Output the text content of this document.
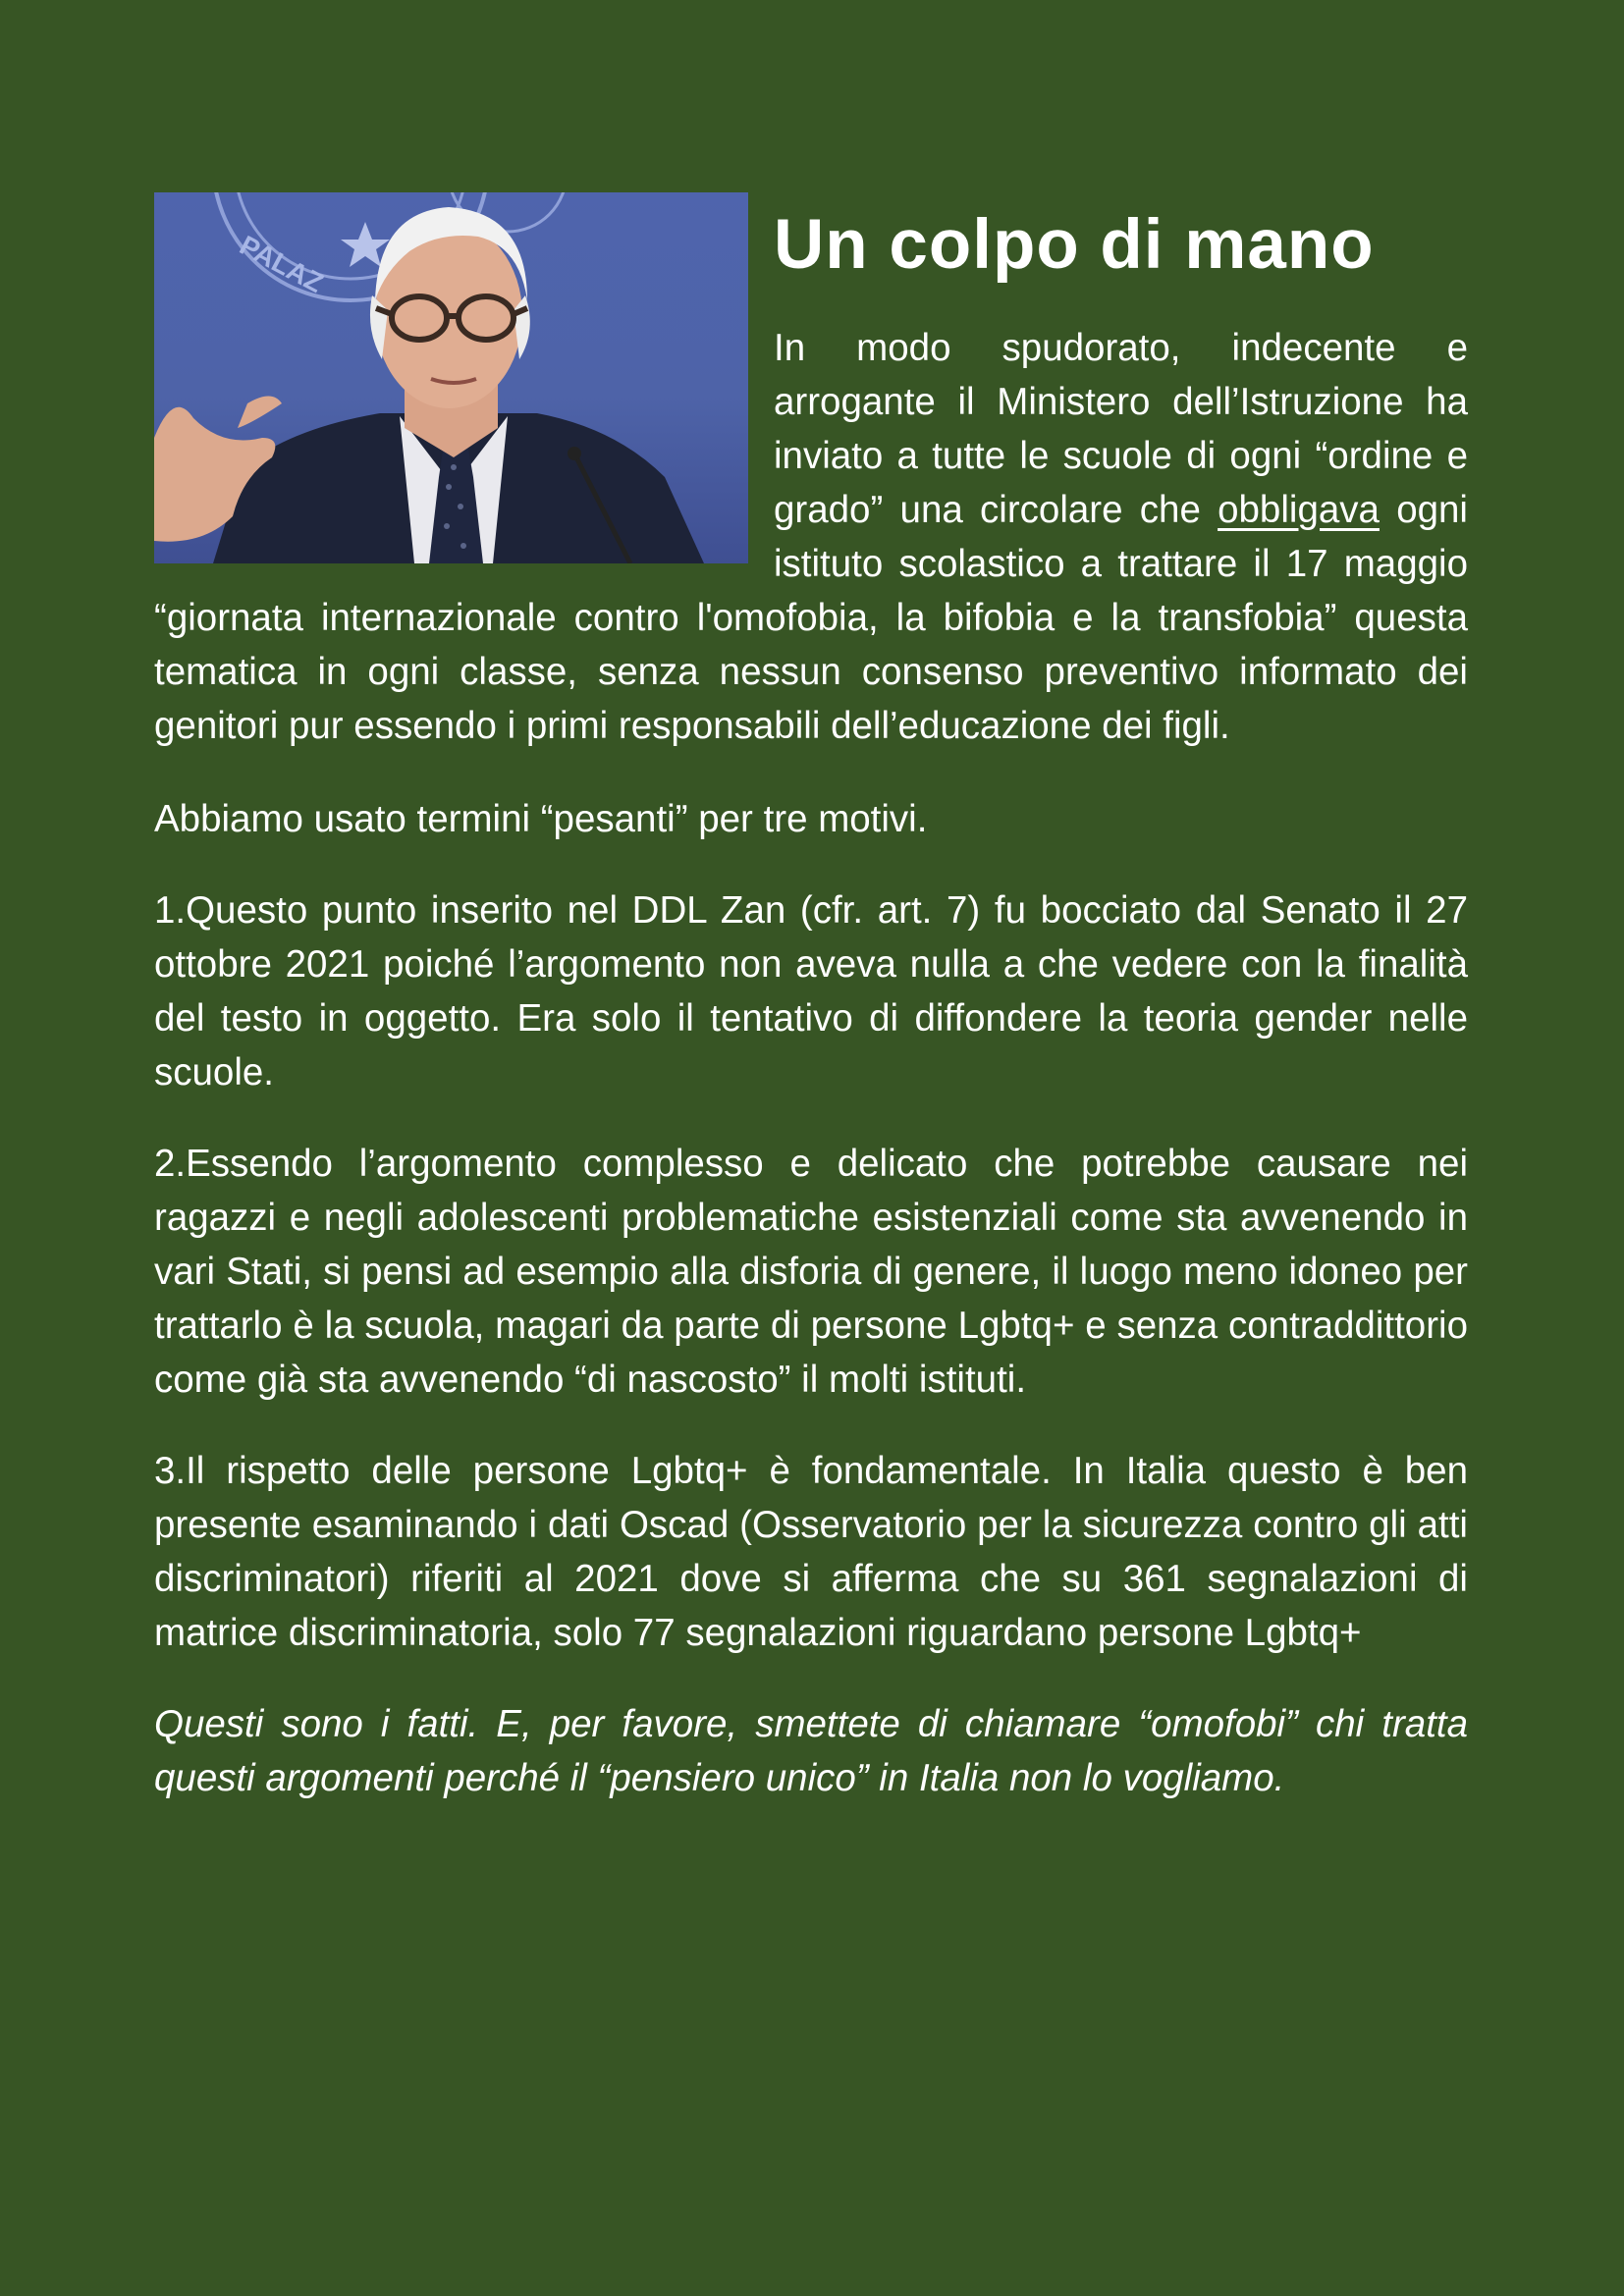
PALAZ	Un colpo di mano

In modo spudorato, indecente e arrogante il Ministero dell’Istruzione ha inviato a tutte le scuole di ogni “ordine e grado” una circolare che obbligava ogni istituto scolastico a trattare il 17 maggio “giornata internazionale contro l'omofobia, la bifobia e la transfobia” questa tematica in ogni classe, senza nessun consenso preventivo informato dei genitori pur essendo i primi responsabili dell’educazione dei figli.

Abbiamo usato termini “pesanti” per tre motivi.

1.Questo punto inserito nel DDL Zan (cfr. art. 7) fu bocciato dal Senato il 27 ottobre 2021 poiché l’argomento non aveva nulla a che vedere con la finalità del testo in oggetto. Era solo il tentativo di diffondere la teoria gender nelle scuole.

2.Essendo l’argomento complesso e delicato che potrebbe causare nei ragazzi e negli adolescenti problematiche esistenziali come sta avvenendo in vari Stati, si pensi ad esempio alla disforia di genere, il luogo meno idoneo per trattarlo è la scuola, magari da parte di persone Lgbtq+ e senza contraddittorio come già sta avvenendo “di nascosto” il molti istituti.

3.Il rispetto delle persone Lgbtq+ è fondamentale. In Italia questo è ben presente esaminando i dati Oscad (Osservatorio per la sicurezza contro gli atti discriminatori) riferiti al 2021 dove si afferma che su 361 segnalazioni di matrice discriminatoria, solo 77 segnalazioni riguardano persone Lgbtq+

Questi sono i fatti. E, per favore, smettete di chiamare “omofobi” chi tratta questi argomenti perché il “pensiero unico” in Italia non lo vogliamo.
